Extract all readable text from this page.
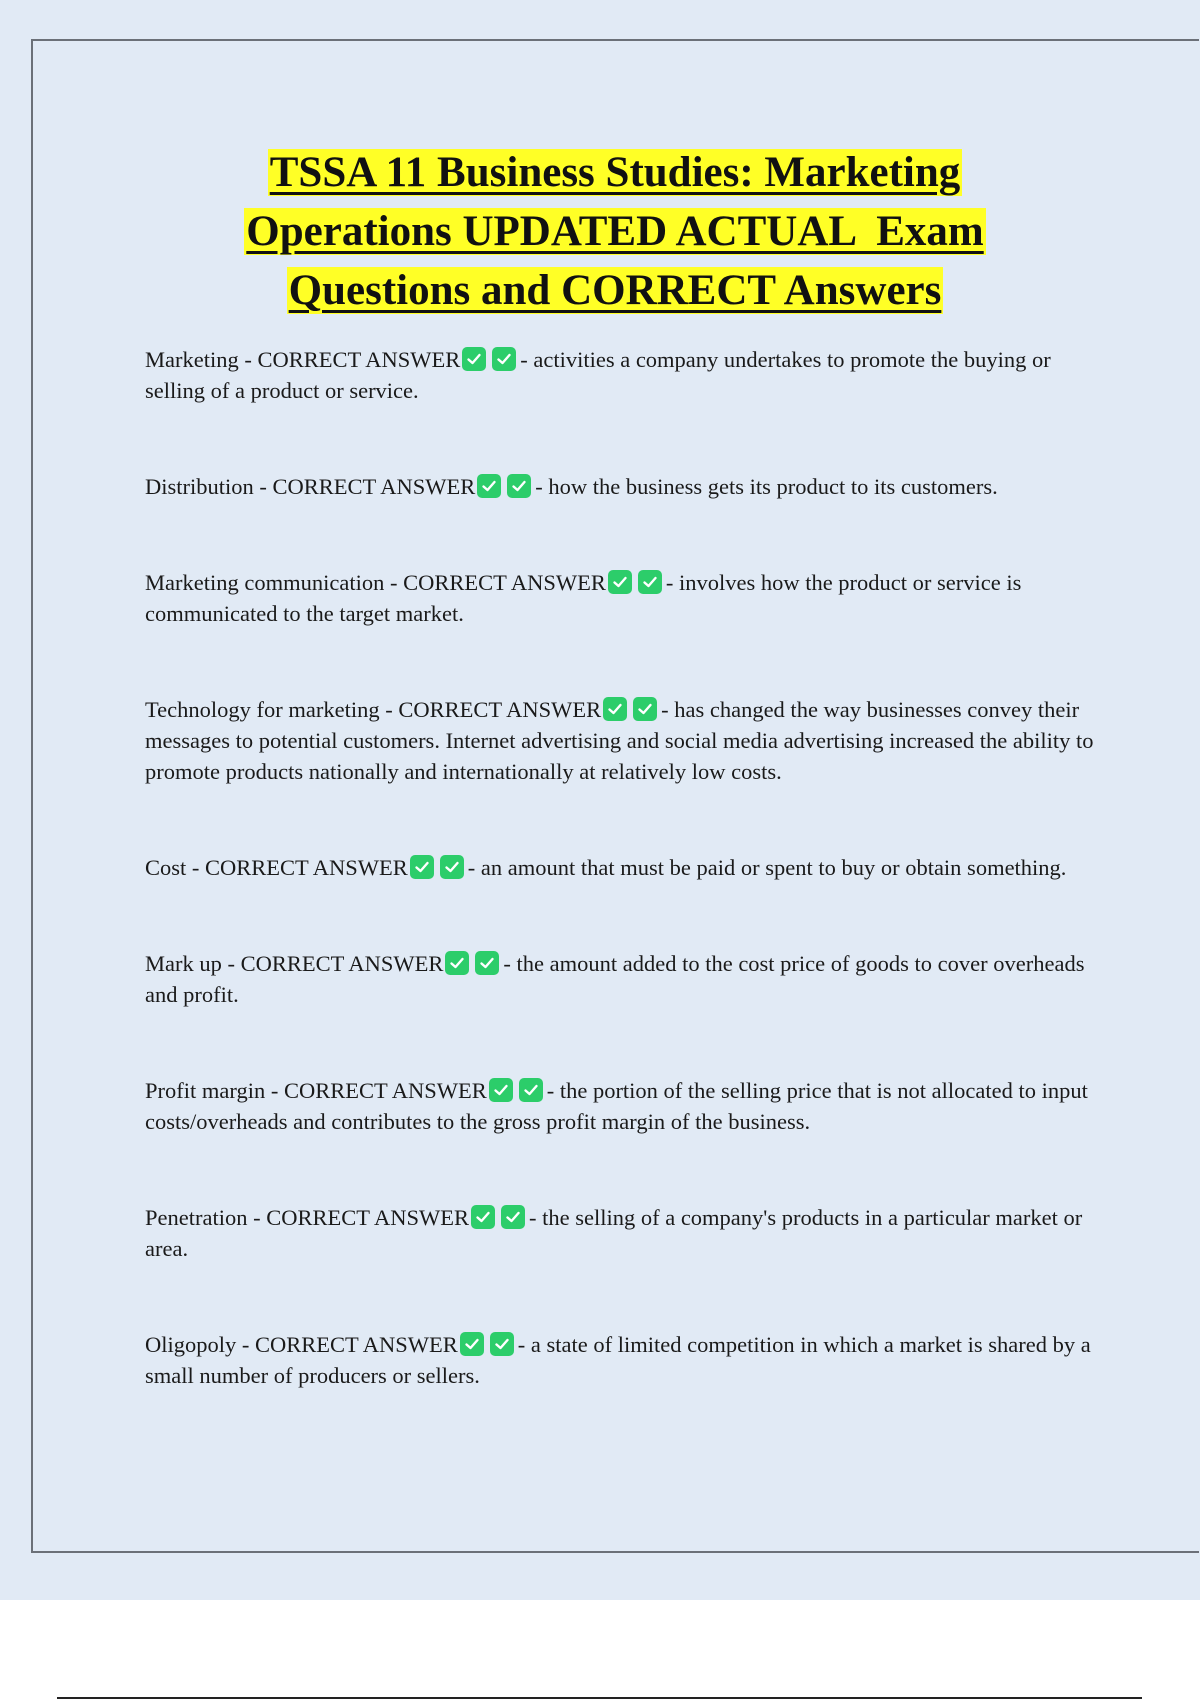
TSSA 11 Business Studies: Marketing
Operations UPDATED ACTUAL  Exam
Questions and CORRECT Answers

Marketing - CORRECT ANSWER	- activities a company undertakes to promote the buying or selling of a product or service.

Distribution - CORRECT ANSWER	- how the business gets its product to its customers.

Marketing communication - CORRECT ANSWER	- involves how the product or service is communicated to the target market.

Technology for marketing - CORRECT ANSWER	- has changed the way businesses convey their messages to potential customers. Internet advertising and social media advertising increased the ability to promote products nationally and internationally at relatively low costs.

Cost - CORRECT ANSWER	- an amount that must be paid or spent to buy or obtain something.

Mark up - CORRECT ANSWER	- the amount added to the cost price of goods to cover overheads and profit.

Profit margin - CORRECT ANSWER	- the portion of the selling price that is not allocated to input costs/overheads and contributes to the gross profit margin of the business.

Penetration - CORRECT ANSWER	- the selling of a company's products in a particular market or area.

Oligopoly - CORRECT ANSWER	- a state of limited competition in which a market is shared by a small number of producers or sellers.
